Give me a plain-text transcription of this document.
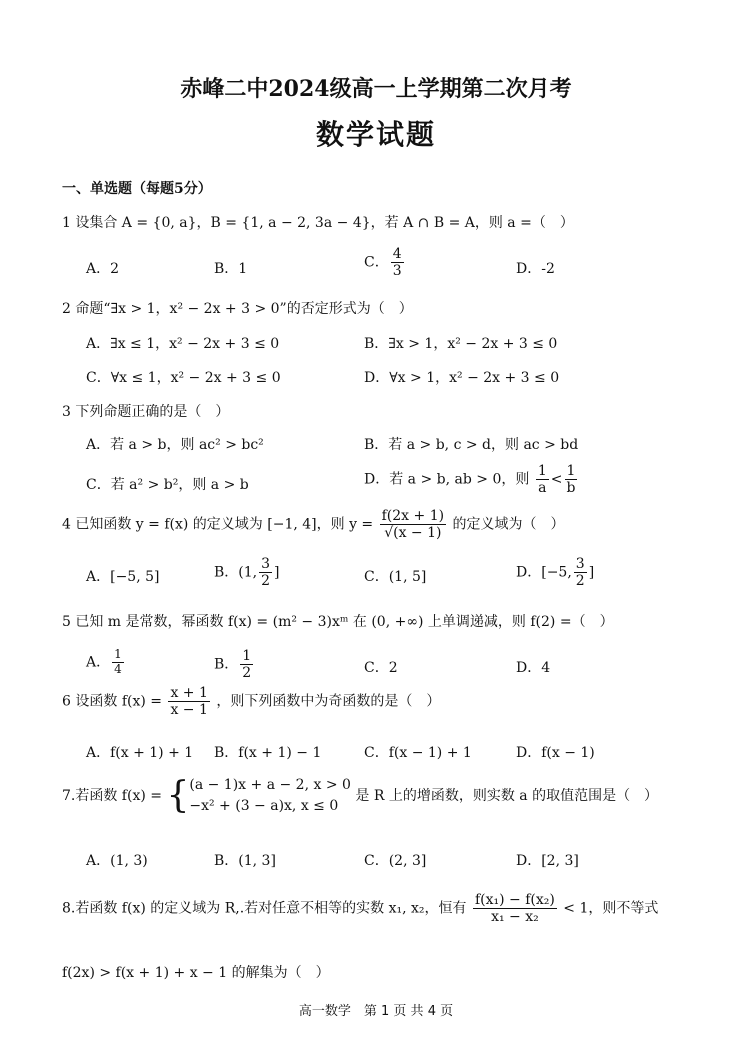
赤峰二中2024级高一上学期第二次月考
数学试题
一、单选题（每题5分）
1 设集合 A = {0, a}，B = {1, a − 2, 3a − 4}，若 A ∩ B = A，则 a =（　）
A．2	B．1	C． $\frac{4}{3}$	D．-2
2 命题“∃x > 1，x² − 2x + 3 > 0”的否定形式为（　）
A．∃x ≤ 1，x² − 2x + 3 ≤ 0	B．∃x > 1，x² − 2x + 3 ≤ 0
C．∀x ≤ 1，x² − 2x + 3 ≤ 0	D．∀x > 1，x² − 2x + 3 ≤ 0
3 下列命题正确的是（　）
A．若 a > b，则 ac² > bc²	B．若 a > b, c > d，则 ac > bd
C．若 a² > b²，则 a > b	D．若 a > b, ab > 0，则 $\frac{1}{a} < \frac{1}{b}$
4 已知函数 y = f(x) 的定义域为 [−1, 4]，则 $y = \frac{f(2x + 1)}{√(x - 1)}$ 的定义域为（　）
A．[−5, 5]	B．(1, $\frac{3}{2}$ ]	C．(1, 5]	D．[−5, $\frac{3}{2}$ ]
5 已知 m 是常数，幂函数 f(x) = (m² − 3)xᵐ 在 (0, +∞) 上单调递减，则 f(2) =（　）
A． $\frac{1}{4}$	B． $\frac{1}{2}$	C．2	D．4
6 设函数 $f(x) = \frac{x + 1}{x - 1}$ ，则下列函数中为奇函数的是（　）
A．f(x + 1) + 1 B．f(x + 1) − 1	C．f(x − 1) + 1	D．f(x − 1)
7.若函数 f(x) = { (a − 1)x + a − 2, x > 0
−x² + (3 − a)x, x ≤ 0
是 R 上的增函数，则实数 a 的取值范围是（　）
A．(1, 3)	B．(1, 3]	C．(2, 3]	D．[2, 3]
8.若函数 f(x) 的定义域为 R,.若对任意不相等的实数 x₁, x₂，恒有 $\frac{\text{f(x₁) − f(x₂)}}{\text{x₁ − x₂}} < 1$，则不等式
f(2x) > f(x + 1) + x − 1 的解集为（　）
高一数学　第 1 页 共 4 页
